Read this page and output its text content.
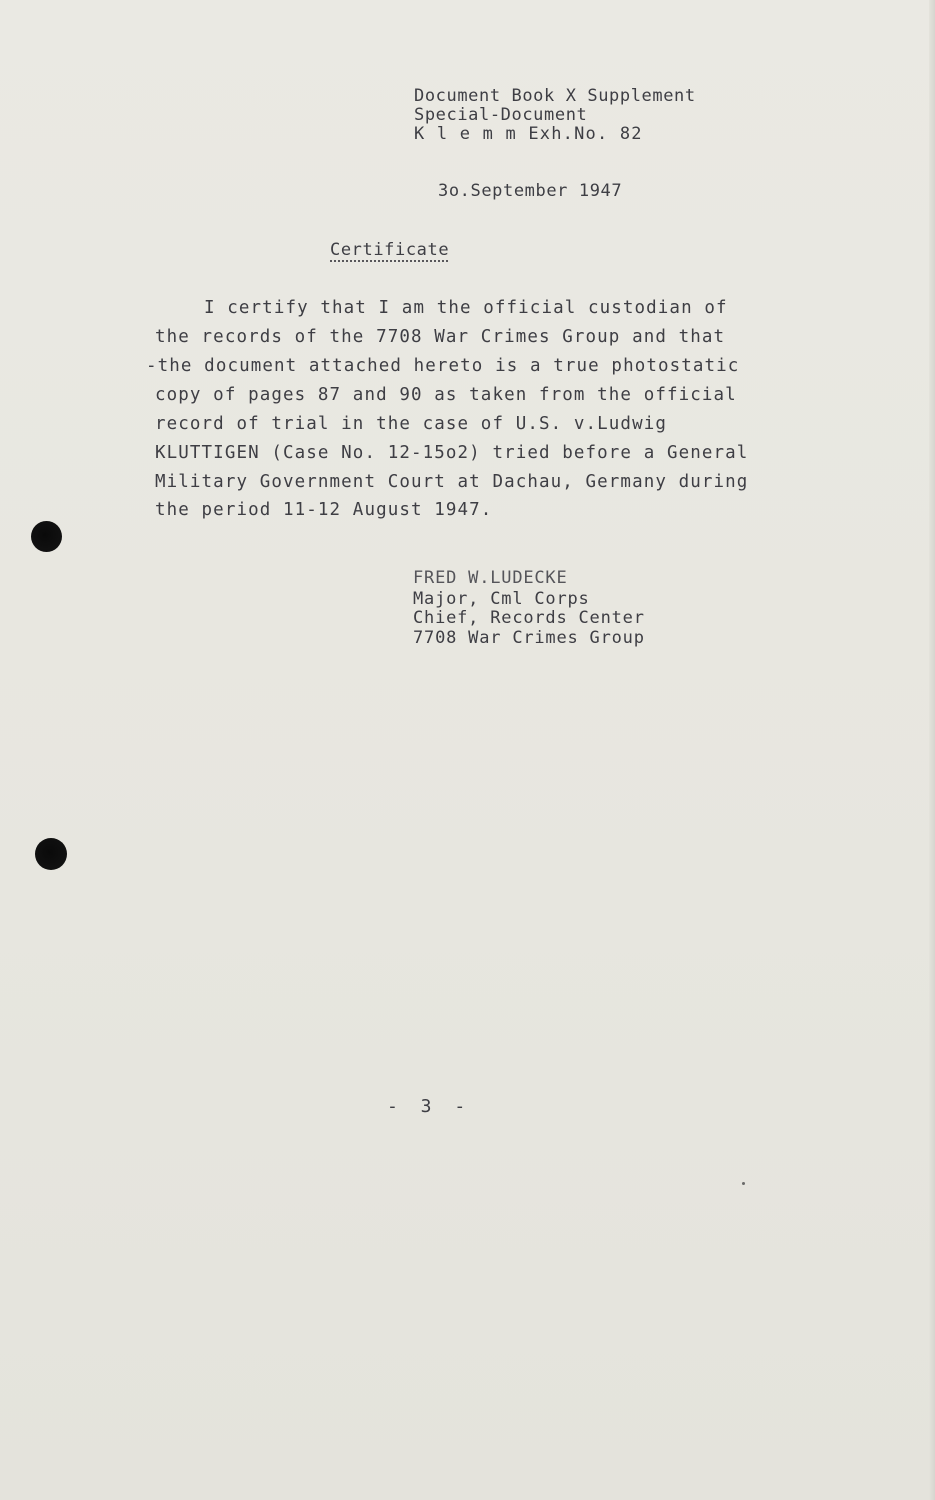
Document Book X Supplement
Special-Document
K l e m m Exh.No. 82
3o.September 1947
Certificate
I certify that I am the official custodian of
the records of the 7708 War Crimes Group and that
-the document attached hereto is a true photostatic
copy of pages 87 and 90 as taken from the official
record of trial in the case of U.S. v.Ludwig
KLUTTIGEN (Case No. 12-15o2) tried before a General
Military Government Court at Dachau, Germany during
the period 11-12 August 1947.
FRED W.LUDECKE
Major, Cml Corps
Chief, Records Center
7708 War Crimes Group
- 3 -
